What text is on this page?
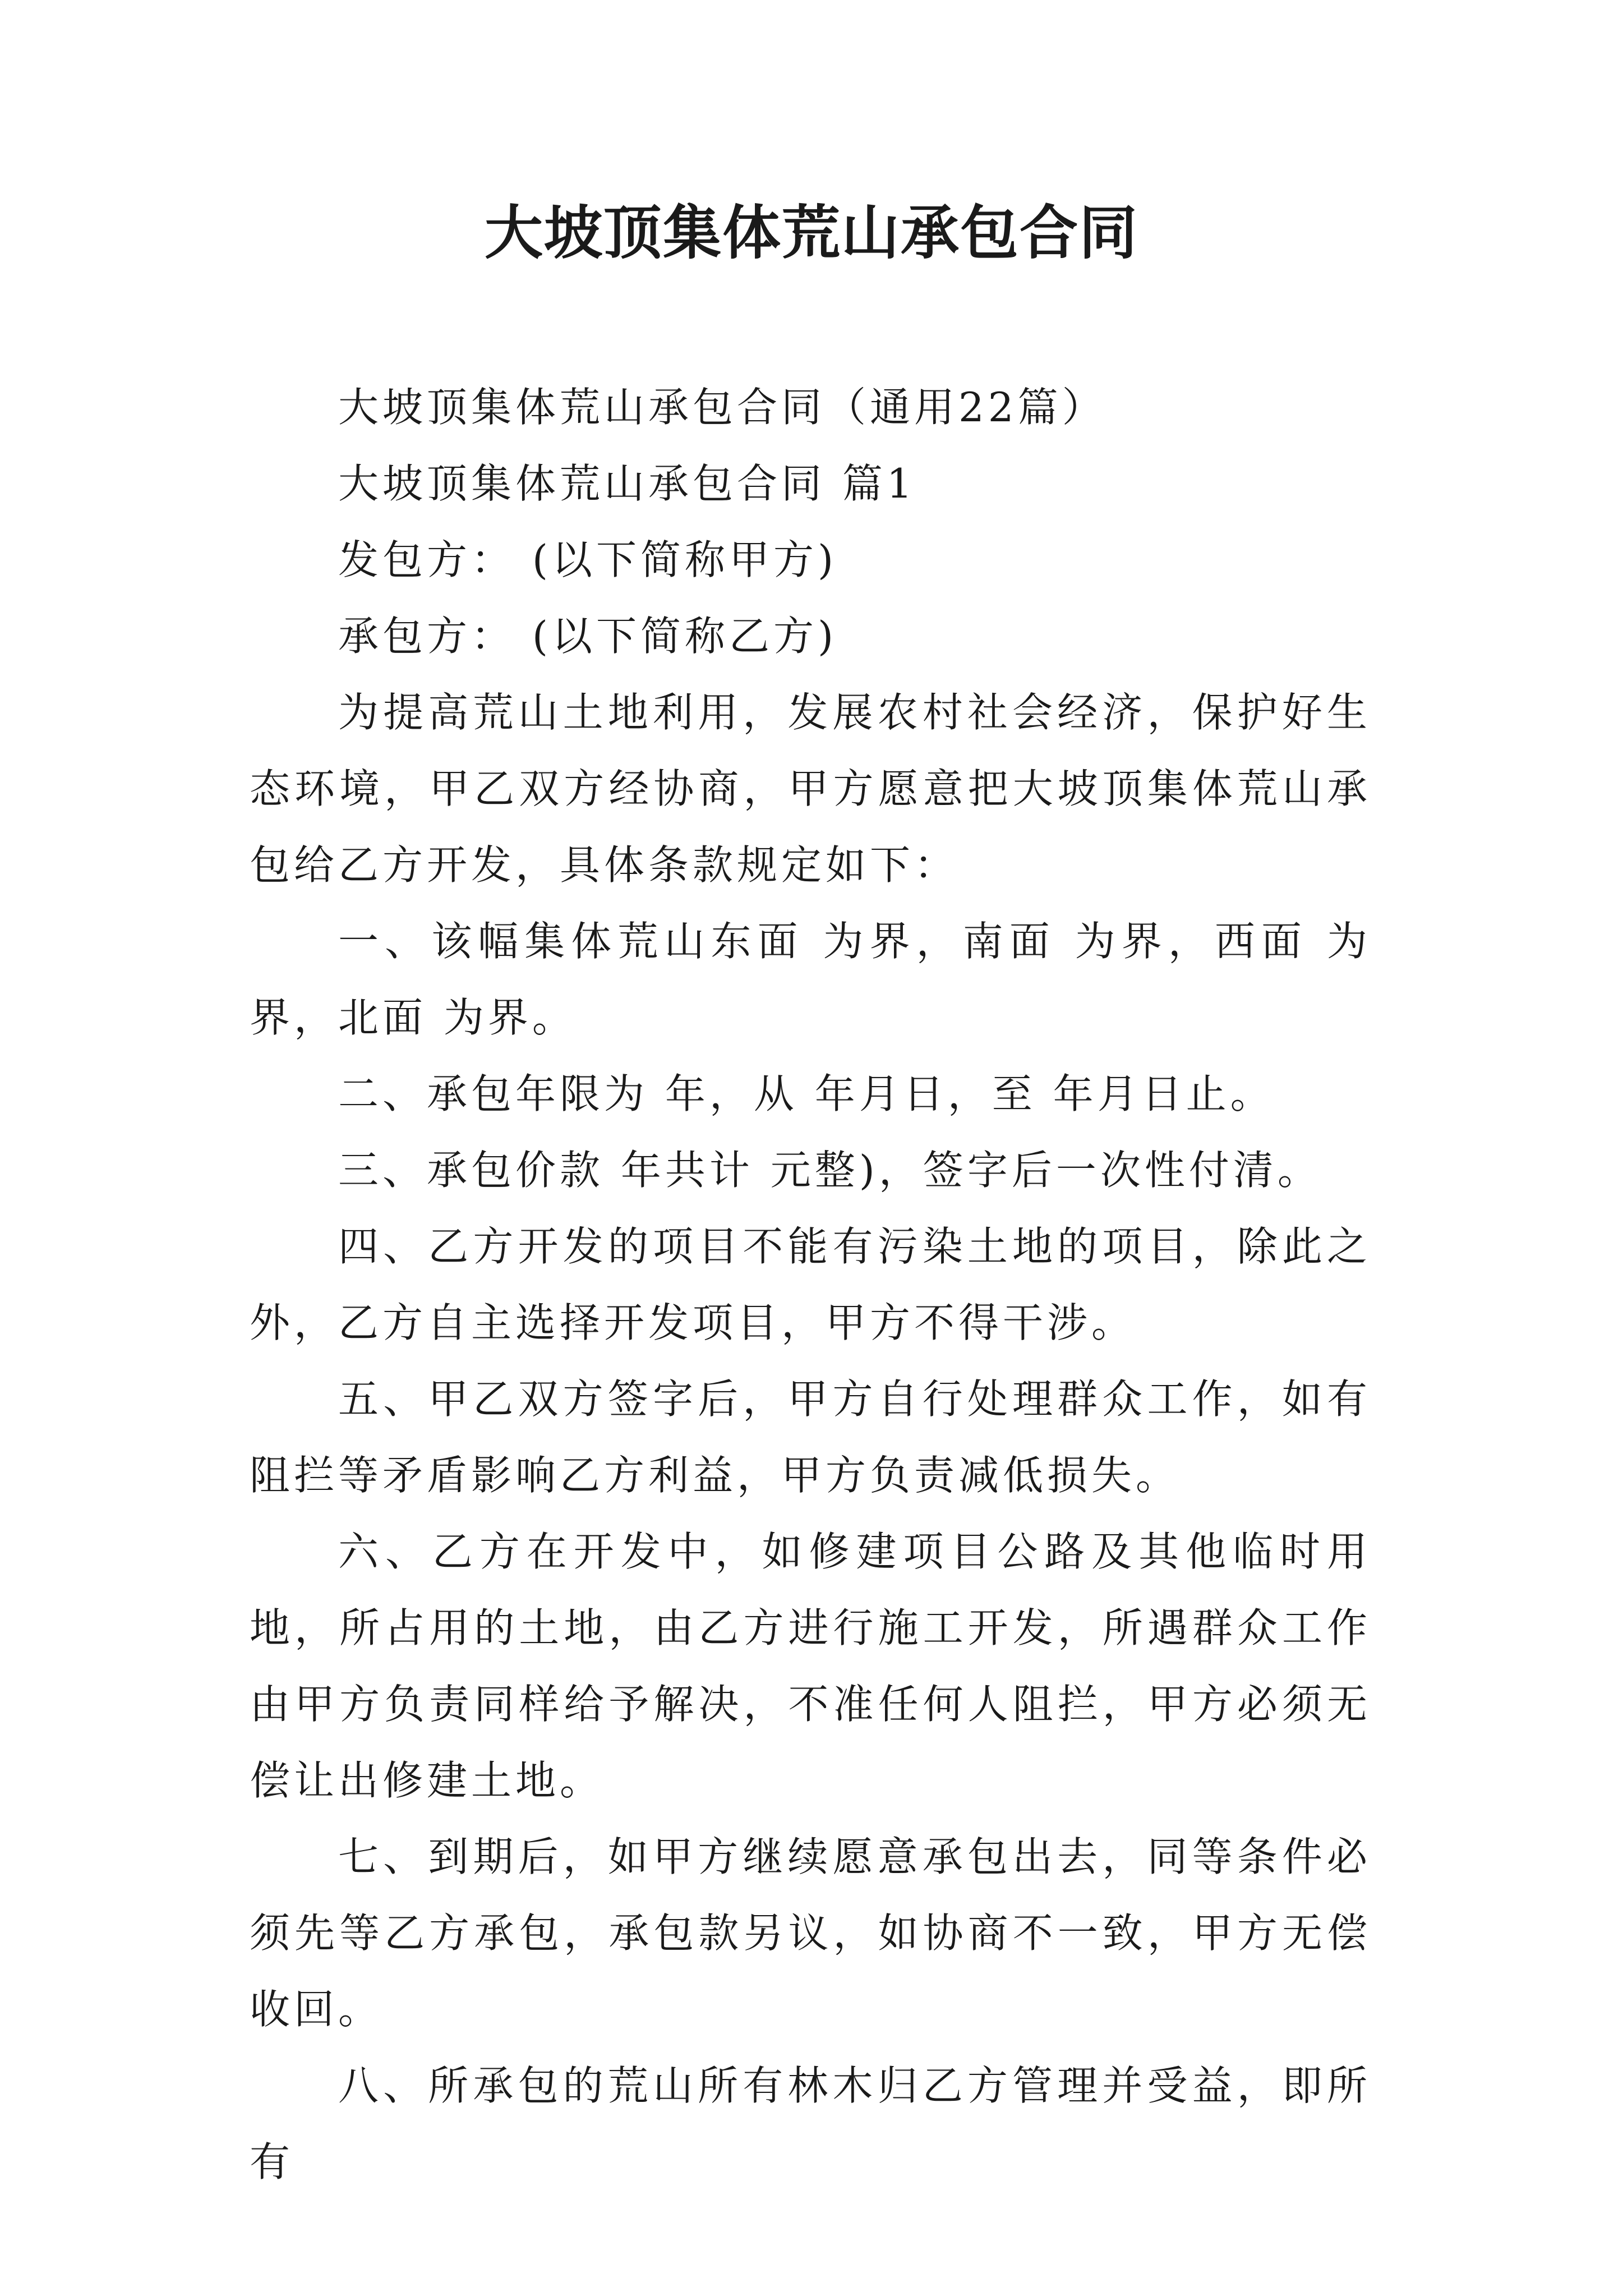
大坡顶集体荒山承包合同

大坡顶集体荒山承包合同（通用22篇）

大坡顶集体荒山承包合同 篇1

发包方： (以下简称甲方)

承包方： (以下简称乙方)

为提高荒山土地利用，发展农村社会经济，保护好生态环境，甲乙双方经协商，甲方愿意把大坡顶集体荒山承包给乙方开发，具体条款规定如下：

一、该幅集体荒山东面 为界，南面 为界，西面 为界，北面 为界。

二、承包年限为 年，从 年月日，至 年月日止。

三、承包价款 年共计 元整)，签字后一次性付清。

四、乙方开发的项目不能有污染土地的项目，除此之外，乙方自主选择开发项目，甲方不得干涉。

五、甲乙双方签字后，甲方自行处理群众工作，如有阻拦等矛盾影响乙方利益，甲方负责减低损失。

六、乙方在开发中，如修建项目公路及其他临时用地，所占用的土地，由乙方进行施工开发，所遇群众工作由甲方负责同样给予解决，不准任何人阻拦，甲方必须无偿让出修建土地。

七、到期后，如甲方继续愿意承包出去，同等条件必须先等乙方承包，承包款另议，如协商不一致，甲方无偿收回。

八、所承包的荒山所有林木归乙方管理并受益，即所有
